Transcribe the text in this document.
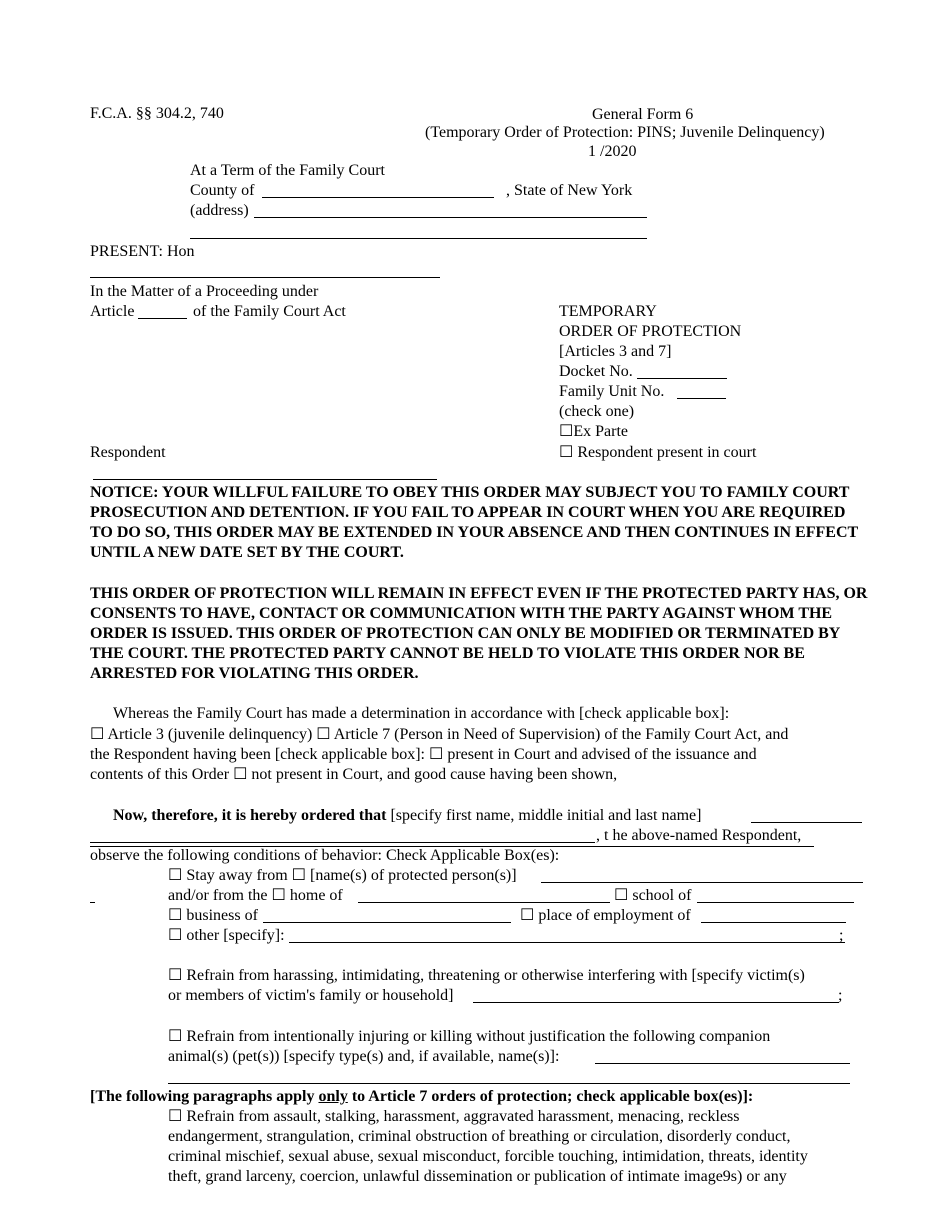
F.C.A. §§ 304.2, 740	General Form 6
(Temporary Order of Protection: PINS; Juvenile Delinquency)
1 /2020
At a Term of the Family Court
County of	, State of New York
(address)
PRESENT: Hon
In the Matter of a Proceeding under
Article	of the Family Court Act
Respondent
TEMPORARY
ORDER OF PROTECTION
[Articles 3 and 7]
Docket No.
Family Unit No.
(check one)
☐Ex Parte
☐ Respondent present in court
NOTICE: YOUR WILLFUL FAILURE TO OBEY THIS ORDER MAY SUBJECT YOU TO FAMILY COURT PROSECUTION AND DETENTION. IF YOU FAIL TO APPEAR IN COURT WHEN YOU ARE REQUIRED TO DO SO, THIS ORDER MAY BE EXTENDED IN YOUR ABSENCE AND THEN CONTINUES IN EFFECT UNTIL A NEW DATE SET BY THE COURT.
THIS ORDER OF PROTECTION WILL REMAIN IN EFFECT EVEN IF THE PROTECTED PARTY HAS, OR CONSENTS TO HAVE, CONTACT OR COMMUNICATION WITH THE PARTY AGAINST WHOM THE ORDER IS ISSUED. THIS ORDER OF PROTECTION CAN ONLY BE MODIFIED OR TERMINATED BY THE COURT. THE PROTECTED PARTY CANNOT BE HELD TO VIOLATE THIS ORDER NOR BE ARRESTED FOR VIOLATING THIS ORDER.
Whereas the Family Court has made a determination in accordance with [check applicable box]:
☐ Article 3 (juvenile delinquency) ☐ Article 7 (Person in Need of Supervision) of the Family Court Act, and
the Respondent having been [check applicable box]: ☐ present in Court and advised of the issuance and
contents of this Order ☐ not present in Court, and good cause having been shown,
Now, therefore, it is hereby ordered that [specify first name, middle initial and last name]
, t he above-named Respondent,
observe the following conditions of behavior: Check Applicable Box(es):
☐ Stay away from ☐ [name(s) of protected person(s)]
and/or from the ☐ home of	☐ school of
☐ business of	☐ place of employment of
☐ other [specify]:	;
☐ Refrain from harassing, intimidating, threatening or otherwise interfering with [specify victim(s)
or members of victim's family or household]	;
☐ Refrain from intentionally injuring or killing without justification the following companion
animal(s) (pet(s)) [specify type(s) and, if available, name(s)]:
[The following paragraphs apply only to Article 7 orders of protection; check applicable box(es)]:
☐ Refrain from assault, stalking, harassment, aggravated harassment, menacing, reckless
endangerment, strangulation, criminal obstruction of breathing or circulation, disorderly conduct,
criminal mischief, sexual abuse, sexual misconduct, forcible touching, intimidation, threats, identity
theft, grand larceny, coercion, unlawful dissemination or publication of intimate image9s) or any
